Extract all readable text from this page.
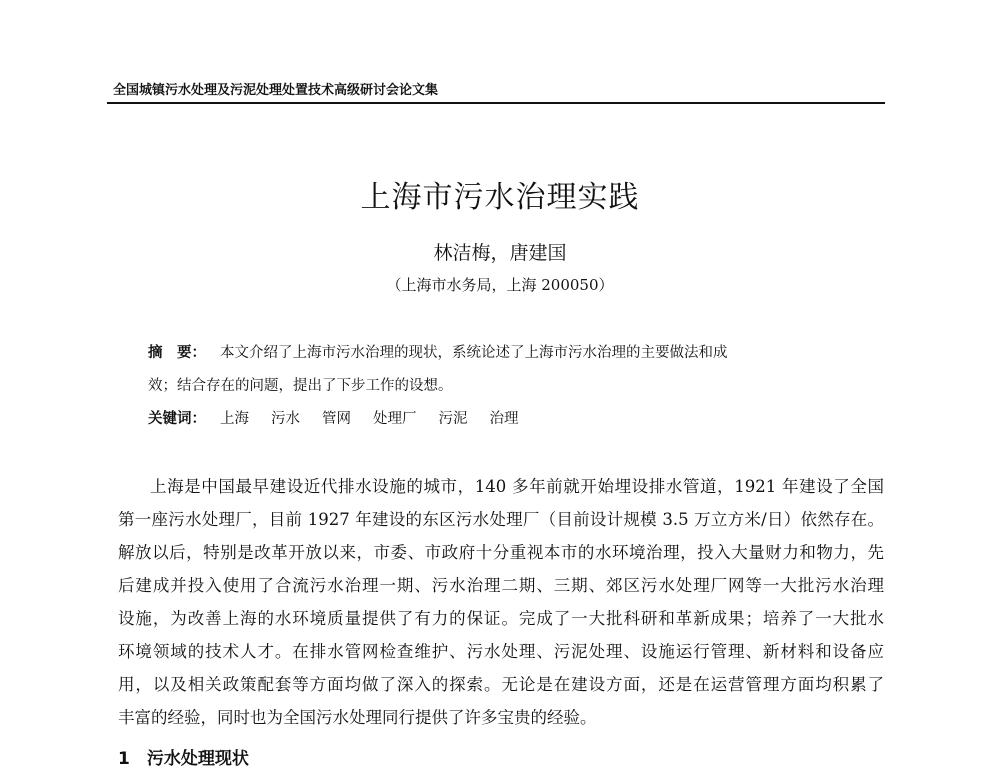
全国城镇污水处理及污泥处理处置技术高级研讨会论文集
上海市污水治理实践
林洁梅，唐建国
（上海市水务局，上海 200050）
摘　要： 本文介绍了上海市污水治理的现状，系统论述了上海市污水治理的主要做法和成
效；结合存在的问题，提出了下步工作的设想。
关键词： 上海 污水 管网 处理厂 污泥 治理
上海是中国最早建设近代排水设施的城市，140 多年前就开始埋设排水管道，1921 年建设了全国
第一座污水处理厂，目前 1927 年建设的东区污水处理厂（目前设计规模 3.5 万立方米/日）依然存在。
解放以后，特别是改革开放以来，市委、市政府十分重视本市的水环境治理，投入大量财力和物力，先
后建成并投入使用了合流污水治理一期、污水治理二期、三期、郊区污水处理厂网等一大批污水治理
设施，为改善上海的水环境质量提供了有力的保证。完成了一大批科研和革新成果；培养了一大批水
环境领域的技术人才。在排水管网检查维护、污水处理、污泥处理、设施运行管理、新材料和设备应
用，以及相关政策配套等方面均做了深入的探索。无论是在建设方面，还是在运营管理方面均积累了
丰富的经验，同时也为全国污水处理同行提供了许多宝贵的经验。
1　污水处理现状
